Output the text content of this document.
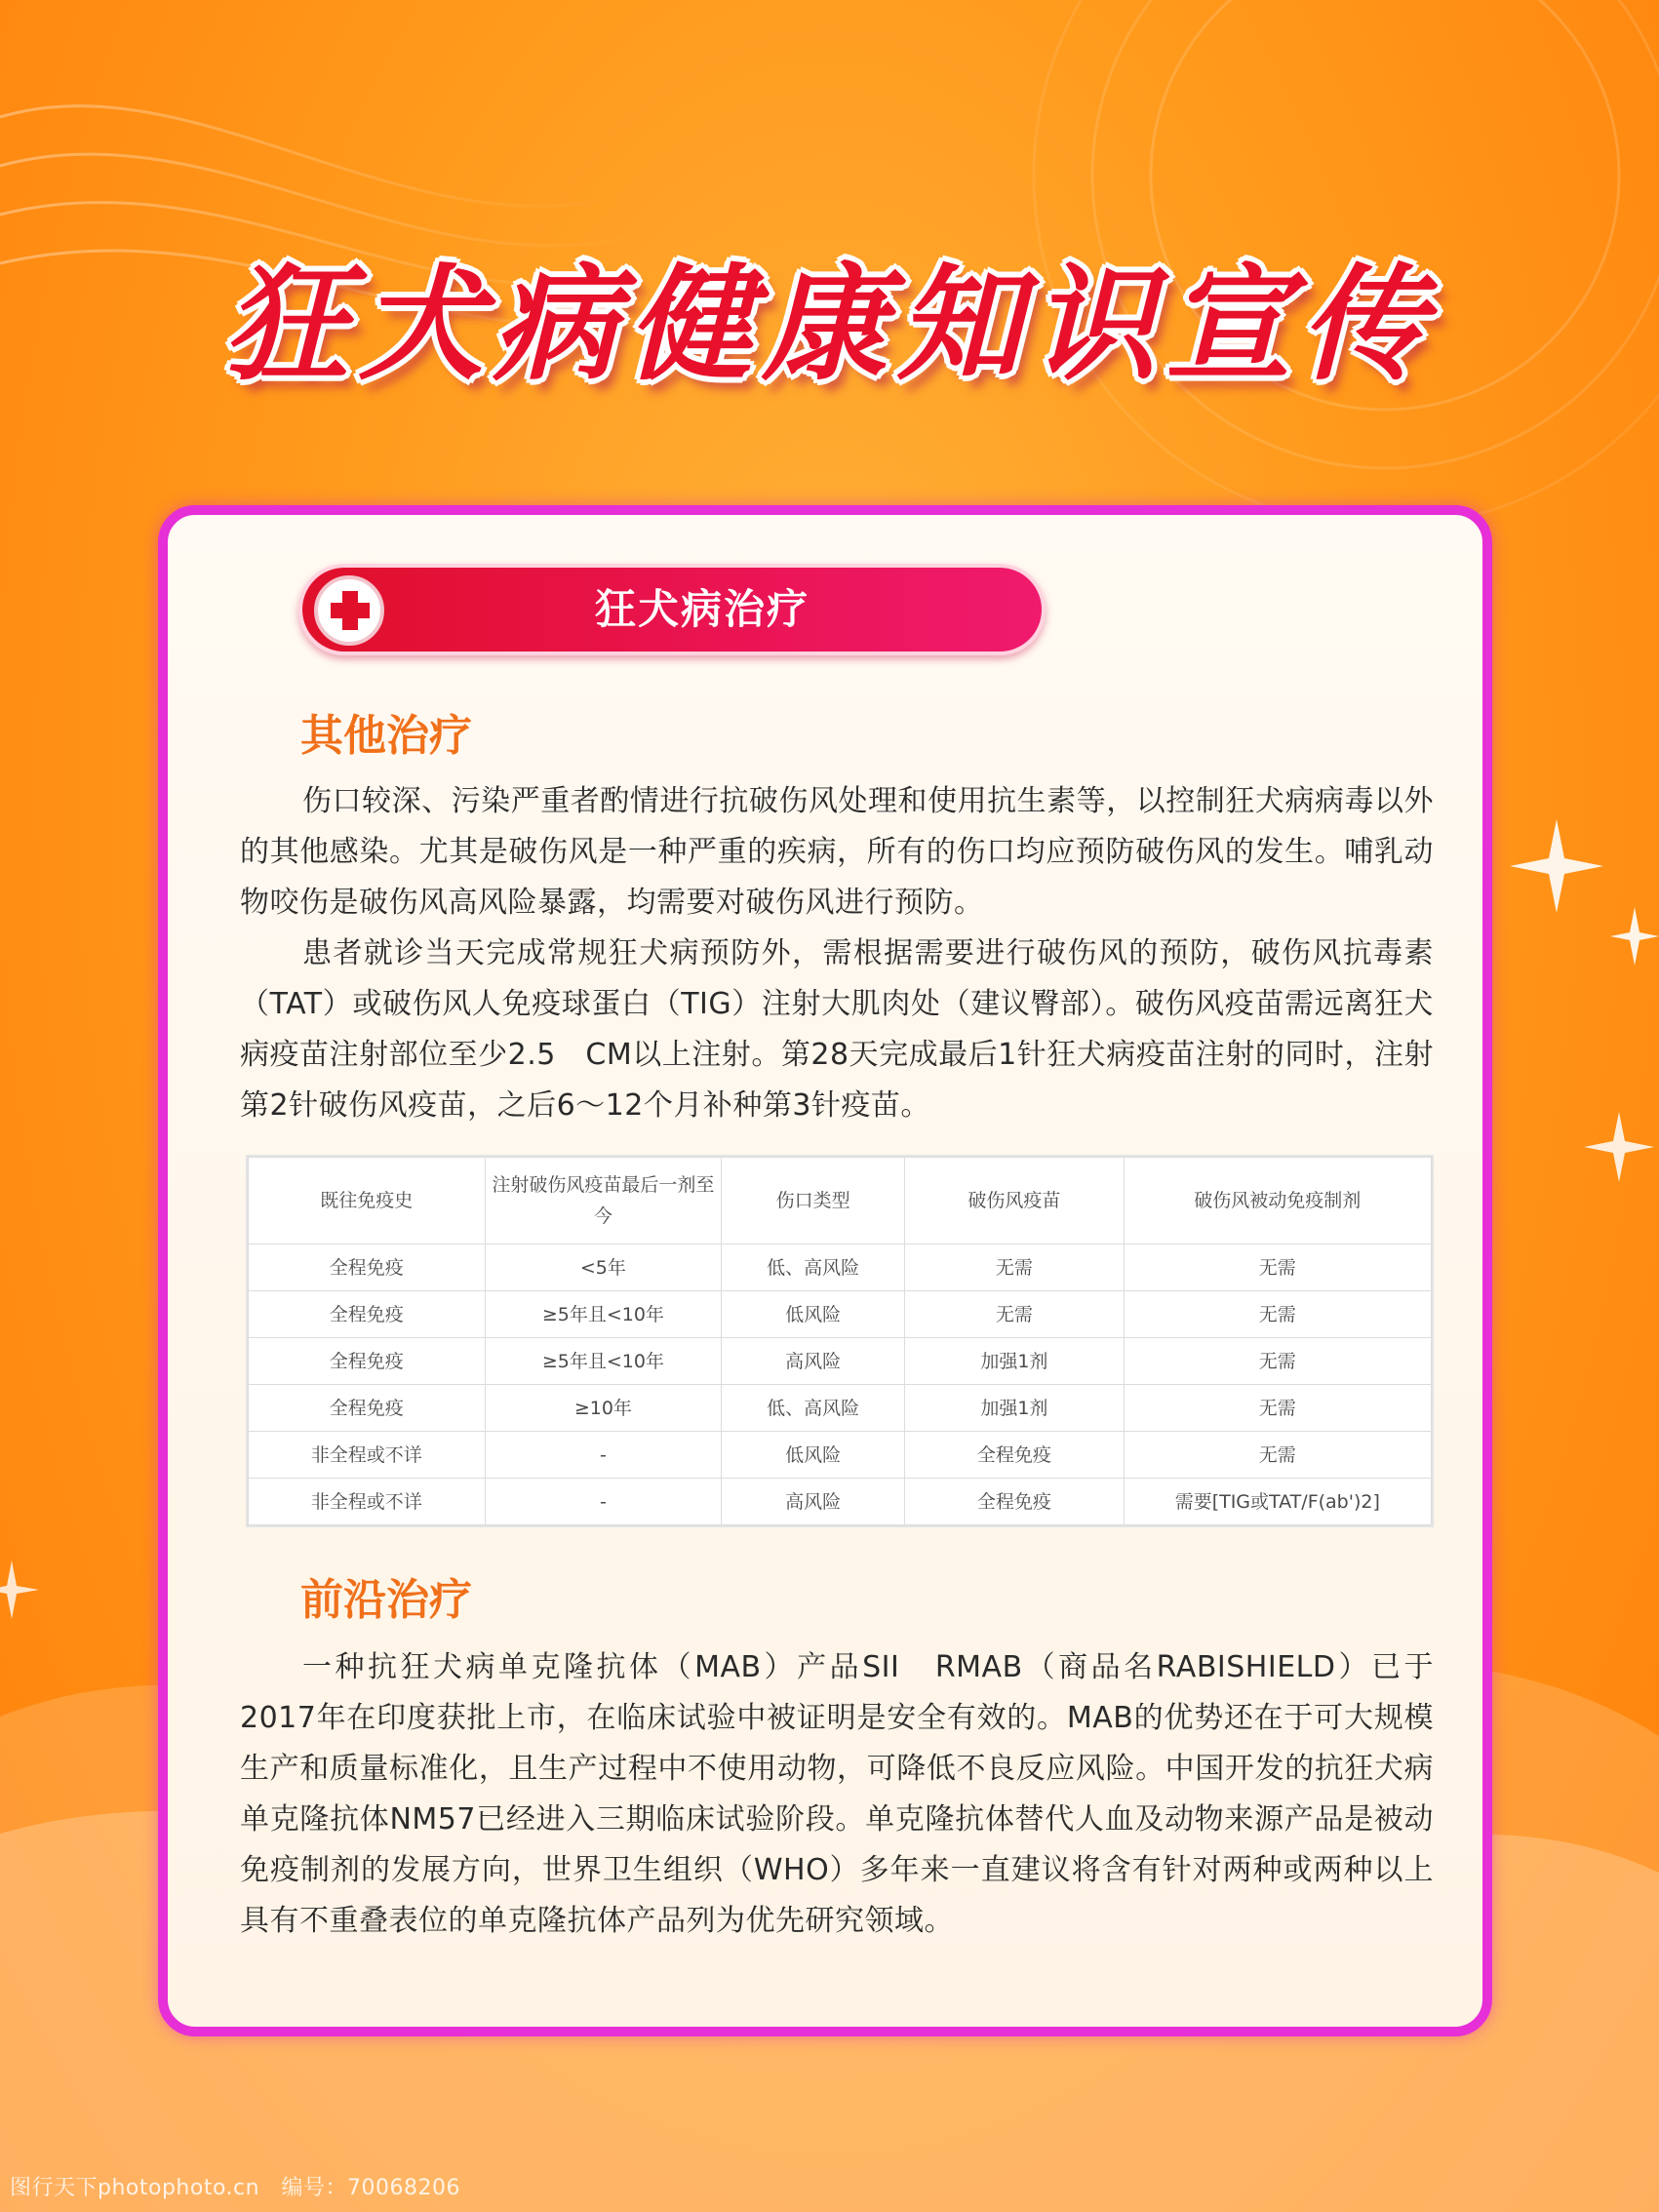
狂犬病健康知识宣传
狂犬病治疗
其他治疗

伤口较深、污染严重者酌情进行抗破伤风处理和使用抗生素等，以控制狂犬病病毒以外的其他感染。尤其是破伤风是一种严重的疾病，所有的伤口均应预防破伤风的发生。哺乳动物咬伤是破伤风高风险暴露，均需要对破伤风进行预防。

患者就诊当天完成常规狂犬病预防外，需根据需要进行破伤风的预防，破伤风抗毒素（TAT）或破伤风人免疫球蛋白（TIG）注射大肌肉处（建议臀部）。破伤风疫苗需远离狂犬病疫苗注射部位至少2.5　CM以上注射。第28天完成最后1针狂犬病疫苗注射的同时，注射第2针破伤风疫苗，之后6～12个月补种第3针疫苗。

既往免疫史	注射破伤风疫苗最后一剂至今	伤口类型	破伤风疫苗	破伤风被动免疫制剂
全程免疫	<5年	低、高风险	无需	无需
全程免疫	≥5年且<10年	低风险	无需	无需
全程免疫	≥5年且<10年	高风险	加强1剂	无需
全程免疫	≥10年	低、高风险	加强1剂	无需
非全程或不详	-	低风险	全程免疫	无需
非全程或不详	-	高风险	全程免疫	需要[TIG或TAT/F(ab')2]
前沿治疗

一种抗狂犬病单克隆抗体（MAB）产品SII　RMAB（商品名RABISHIELD）已于2017年在印度获批上市，在临床试验中被证明是安全有效的。MAB的优势还在于可大规模生产和质量标准化，且生产过程中不使用动物，可降低不良反应风险。中国开发的抗狂犬病单克隆抗体NM57已经进入三期临床试验阶段。单克隆抗体替代人血及动物来源产品是被动免疫制剂的发展方向，世界卫生组织（WHO）多年来一直建议将含有针对两种或两种以上具有不重叠表位的单克隆抗体产品列为优先研究领域。

图行天下photophoto.cn　编号：70068206
